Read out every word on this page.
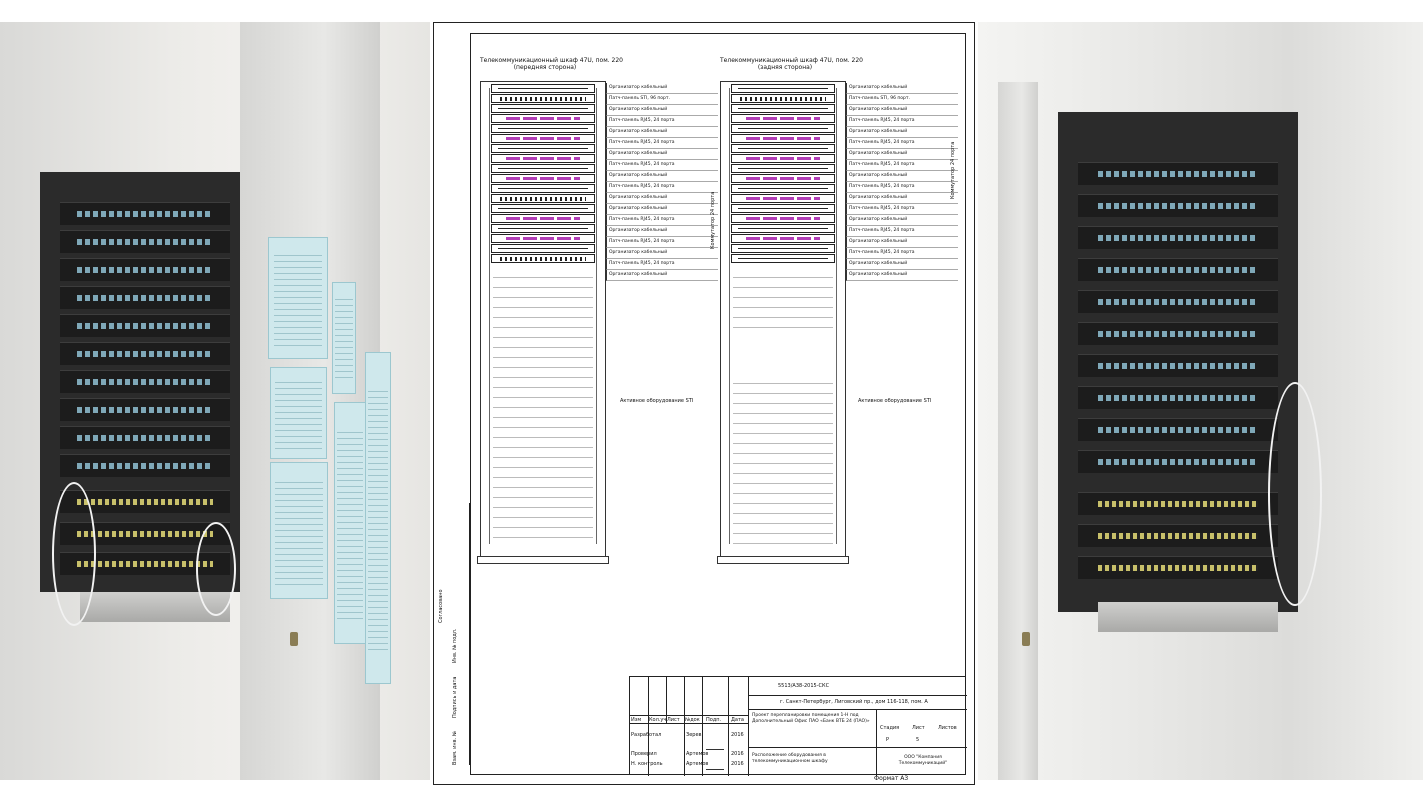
Согласовано
Инв. № подл.
Подпись и дата
Взам. инв. №
Телекоммуникационный шкаф 47U, пом. 220
(передняя сторона)
Организатор кабельный
Патч-панель STI, 96 порт.
Организатор кабельный
Патч-панель RJ45, 24 порта
Организатор кабельный
Патч-панель RJ45, 24 порта
Организатор кабельный
Патч-панель RJ45, 24 порта
Организатор кабельный
Патч-панель RJ45, 24 порта
Организатор кабельный
Организатор кабельный
Патч-панель RJ45, 24 порта
Организатор кабельный
Патч-панель RJ45, 24 порта
Организатор кабельный
Патч-панель RJ45, 24 порта
Организатор кабельный
Коммутатор 24 порта
Активное оборудование STI
Телекоммуникационный шкаф 47U, пом. 220
(задняя сторона)
Организатор кабельный
Патч-панель STI, 96 порт.
Организатор кабельный
Патч-панель RJ45, 24 порта
Организатор кабельный
Патч-панель RJ45, 24 порта
Организатор кабельный
Патч-панель RJ45, 24 порта
Организатор кабельный
Патч-панель RJ45, 24 порта
Организатор кабельный
Патч-панель RJ45, 24 порта
Организатор кабельный
Патч-панель RJ45, 24 порта
Организатор кабельный
Патч-панель RJ45, 24 порта
Организатор кабельный
Организатор кабельный
Коммутатор 24 порта
Активное оборудование STI
5513/А38-2015-СКС
г. Санкт-Петербург, Лиговский пр., дом 116-118, пом. А
Проект перепланировки помещения 1-Н под Дополнительный Офис ПАО «Банк ВТБ 24 (ПАО)»
Расположение оборудования в телекоммуникационном шкафу
ООО "Компания Телекоммуникаций"
Изм Кол.уч Лист №док Подп. Дата
Разработал	Зерев	2016
Проверил	Артемов	2016
Н. контроль	Артемов	2016
Стадия	Лист	Листов
Р	5
Формат А3
